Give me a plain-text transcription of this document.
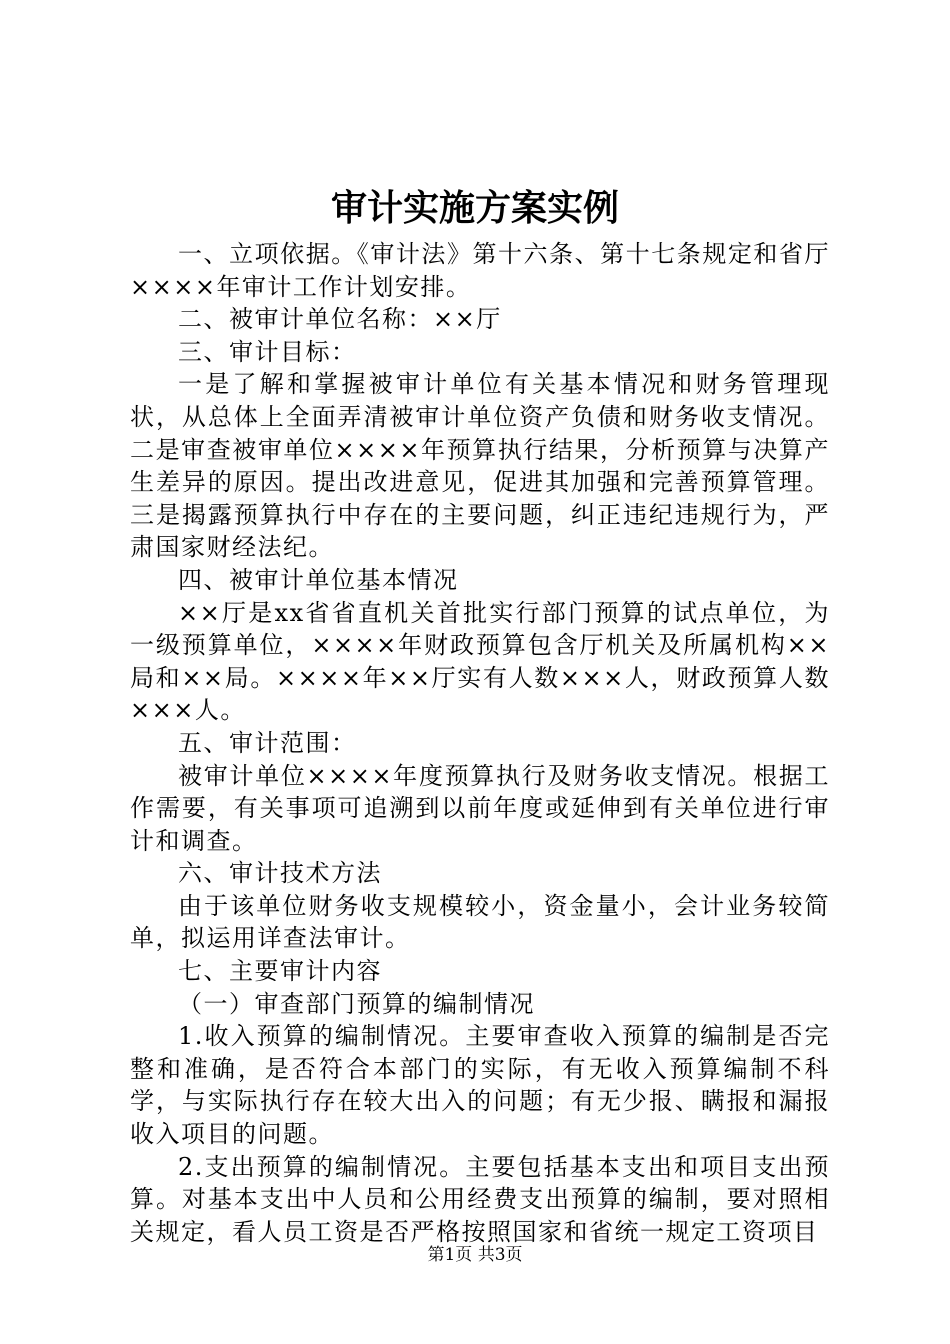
审计实施方案实例

一、立项依据。《审计法》第十六条、第十七条规定和省厅××××年审计工作计划安排。

二、被审计单位名称：××厅

三、审计目标：

一是了解和掌握被审计单位有关基本情况和财务管理现状，从总体上全面弄清被审计单位资产负债和财务收支情况。二是审查被审单位××××年预算执行结果，分析预算与决算产生差异的原因。提出改进意见，促进其加强和完善预算管理。三是揭露预算执行中存在的主要问题，纠正违纪违规行为，严肃国家财经法纪。

四、被审计单位基本情况

××厅是xx省省直机关首批实行部门预算的试点单位，为一级预算单位，××××年财政预算包含厅机关及所属机构××局和××局。××××年××厅实有人数×××人，财政预算人数×××人。

五、审计范围：

被审计单位××××年度预算执行及财务收支情况。根据工作需要，有关事项可追溯到以前年度或延伸到有关单位进行审计和调查。

六、审计技术方法

由于该单位财务收支规模较小，资金量小，会计业务较简单，拟运用详查法审计。

七、主要审计内容

（一）审查部门预算的编制情况

1.收入预算的编制情况。主要审查收入预算的编制是否完整和准确，是否符合本部门的实际，有无收入预算编制不科学，与实际执行存在较大出入的问题；有无少报、瞒报和漏报收入项目的问题。

2.支出预算的编制情况。主要包括基本支出和项目支出预算。对基本支出中人员和公用经费支出预算的编制，要对照相关规定，看人员工资是否严格按照国家和省统一规定工资项目

第1页 共3页
